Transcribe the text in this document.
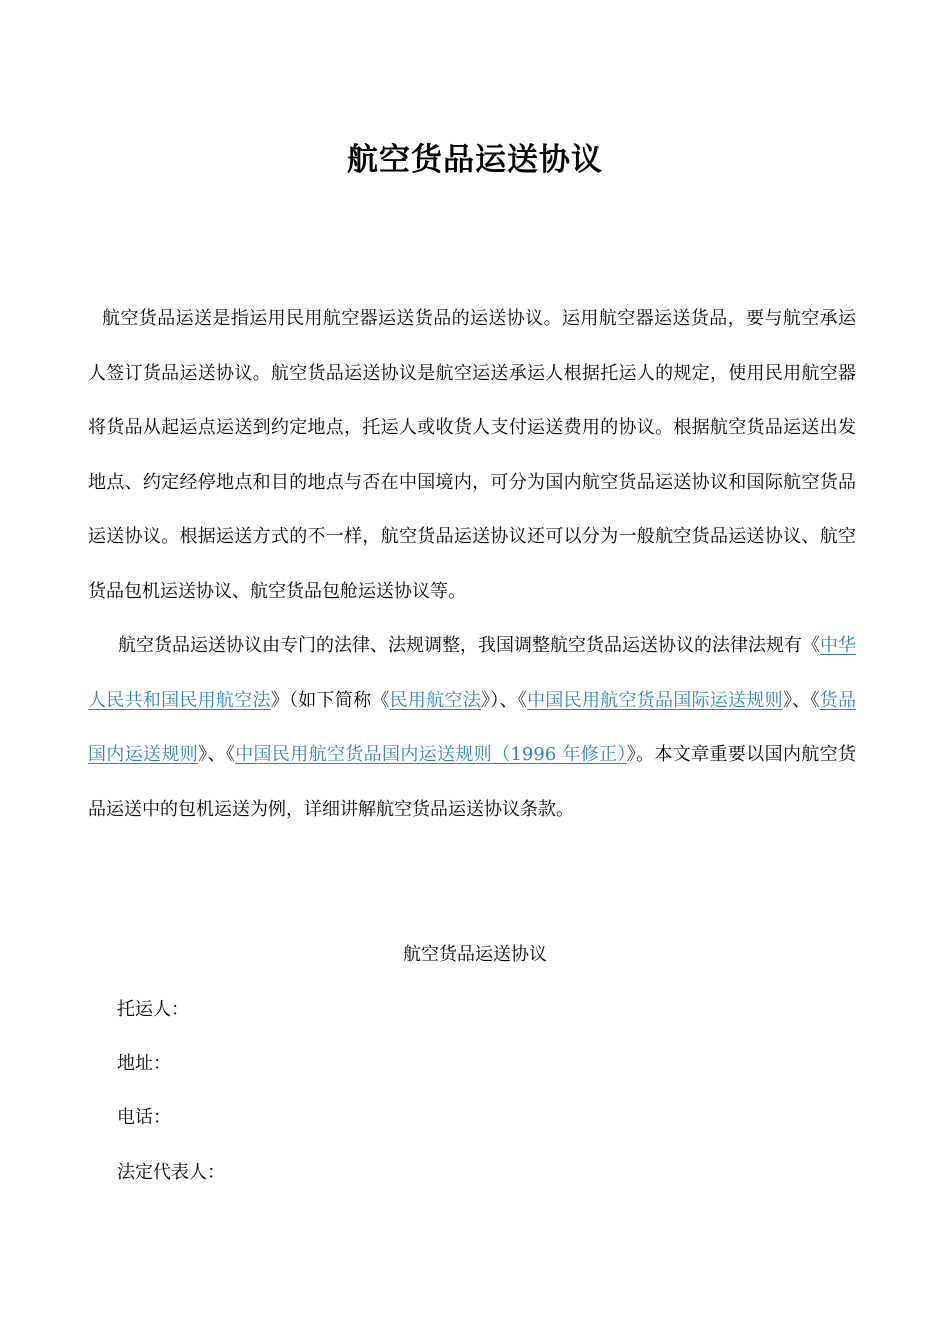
航空货品运送协议

航空货品运送是指运用民用航空器运送货品的运送协议。运用航空器运送货品，要与航空承运人签订货品运送协议。航空货品运送协议是航空运送承运人根据托运人的规定，使用民用航空器将货品从起运点运送到约定地点，托运人或收货人支付运送费用的协议。根据航空货品运送出发地点、约定经停地点和目的地点与否在中国境内，可分为国内航空货品运送协议和国际航空货品运送协议。根据运送方式的不一样，航空货品运送协议还可以分为一般航空货品运送协议、航空货品包机运送协议、航空货品包舱运送协议等。

航空货品运送协议由专门的法律、法规调整，我国调整航空货品运送协议的法律法规有《中华人民共和国民用航空法》（如下简称《民用航空法》）、《中国民用航空货品国际运送规则》、《货品国内运送规则》、《中国民用航空货品国内运送规则（1996 年修正）》。本文章重要以国内航空货品运送中的包机运送为例，详细讲解航空货品运送协议条款。

航空货品运送协议

托运人：

地址：

电话：

法定代表人：
